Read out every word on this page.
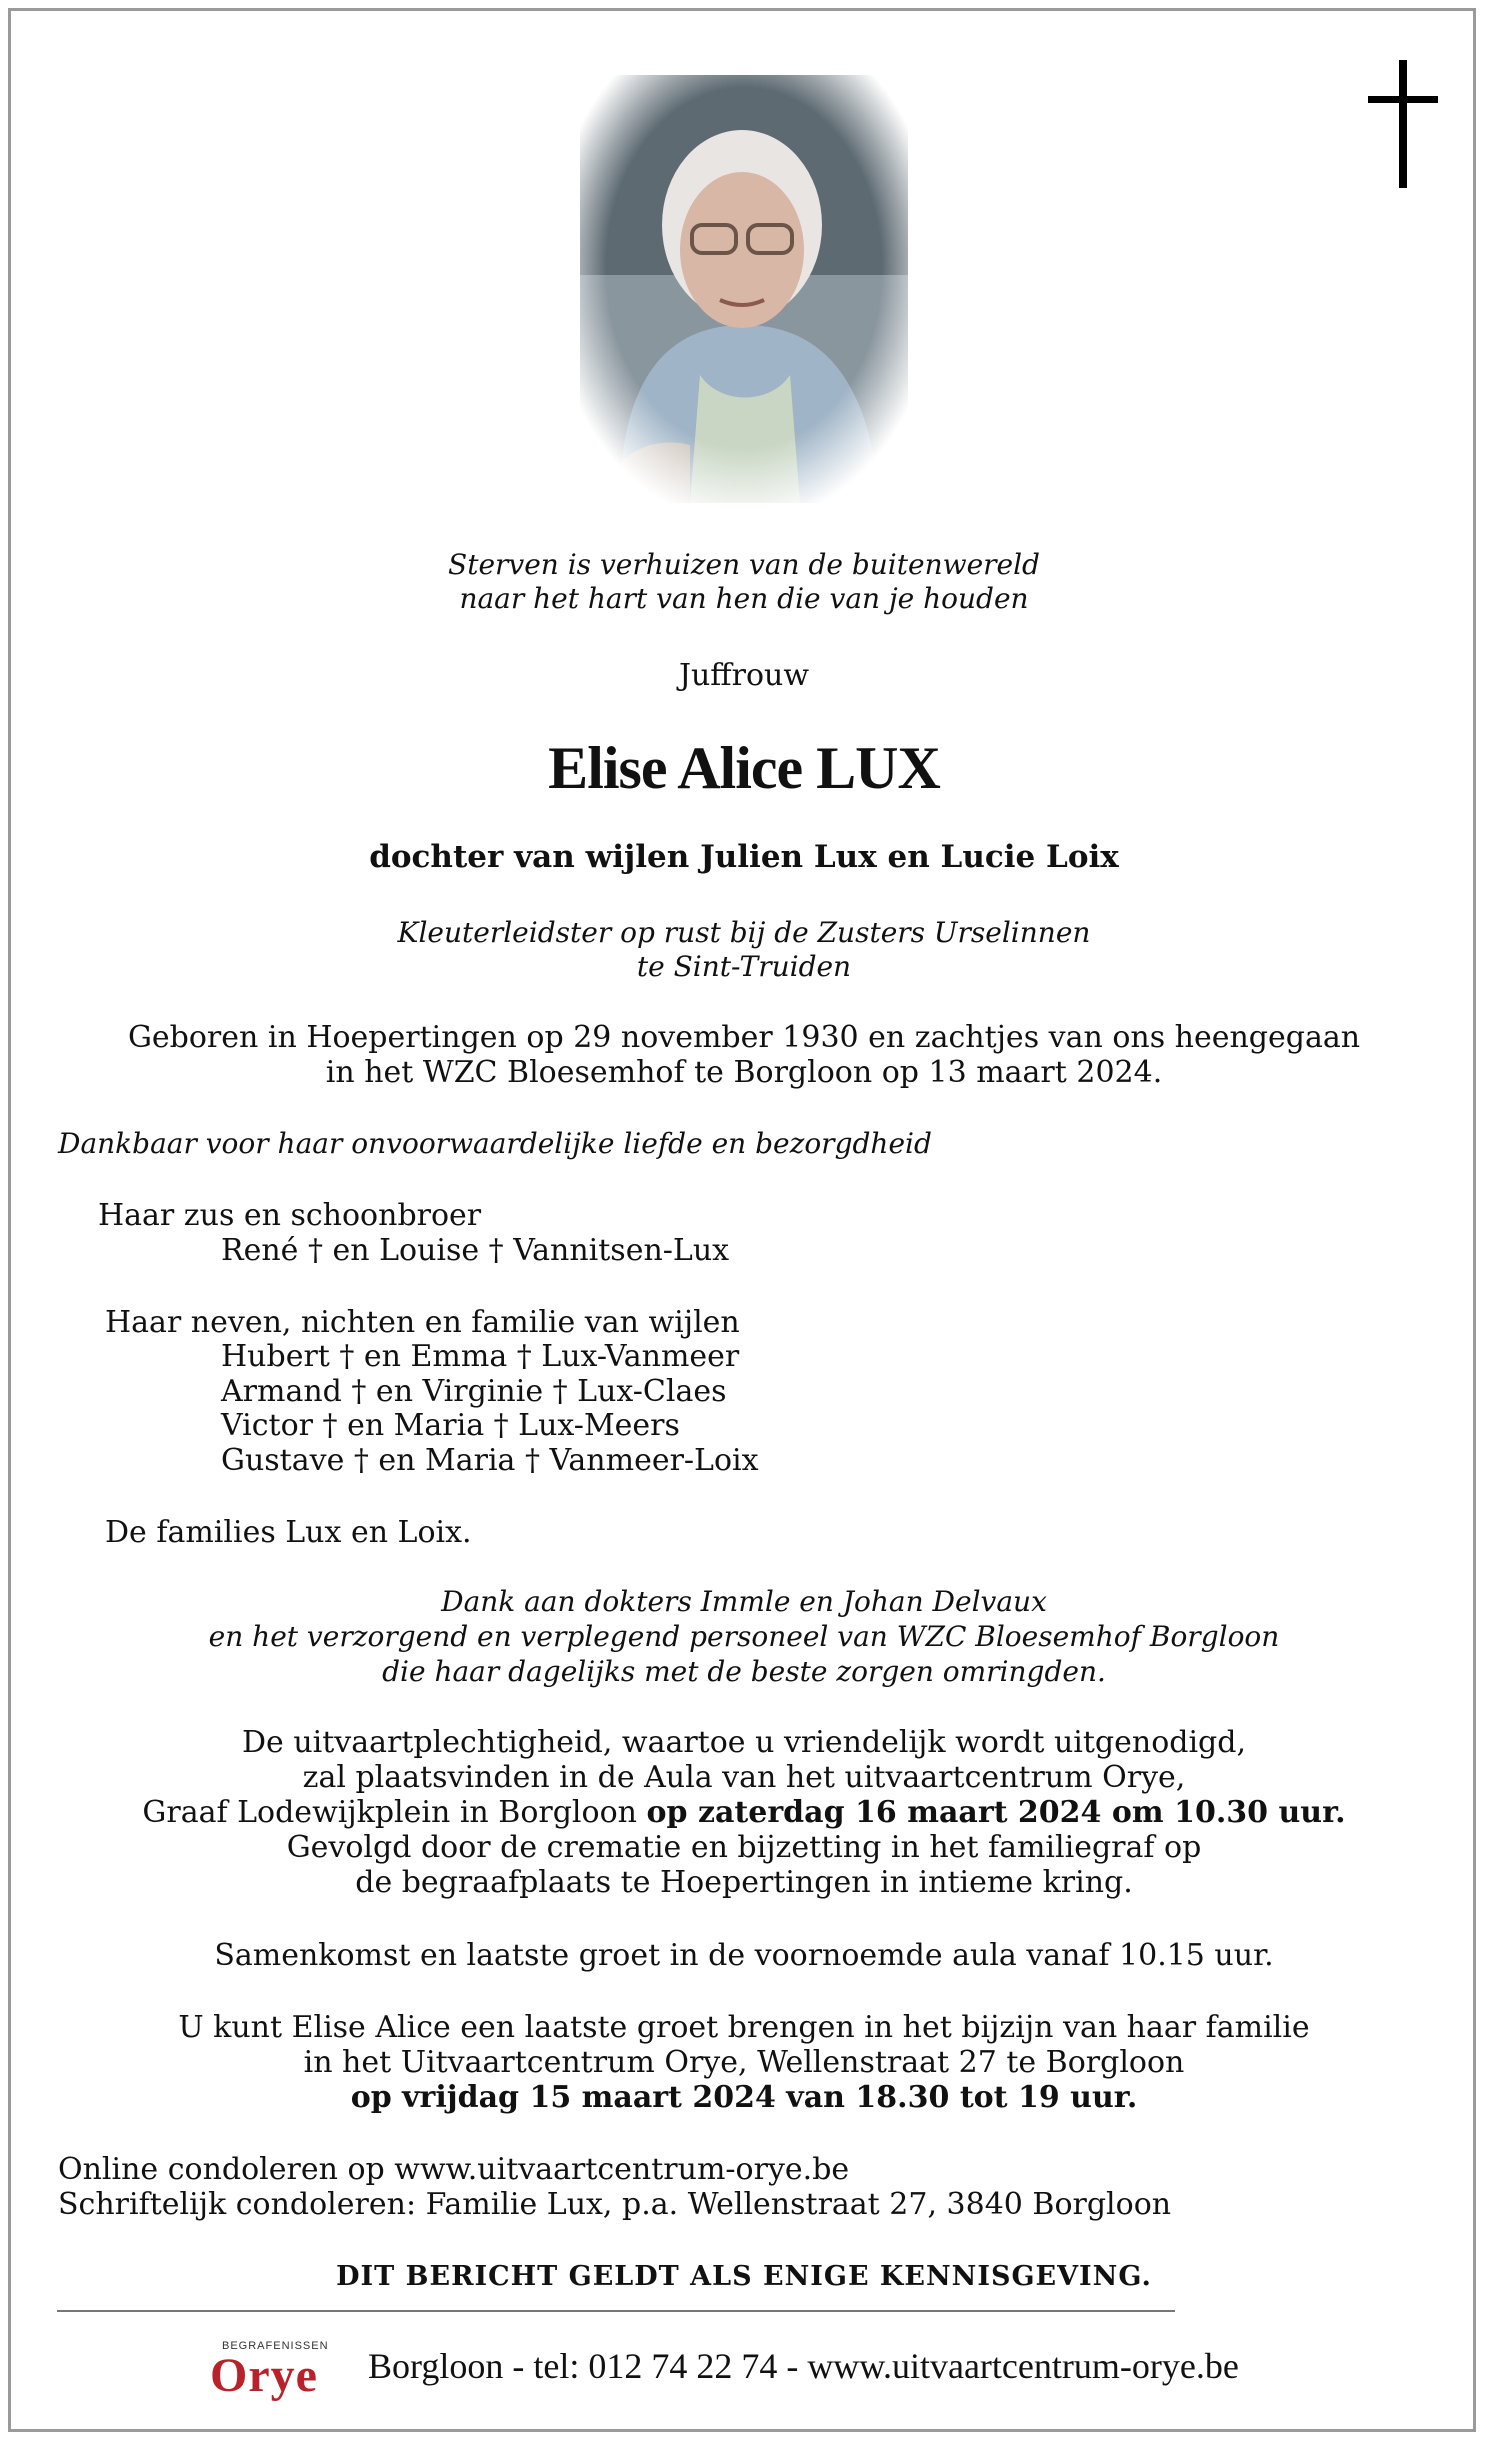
Sterven is verhuizen van de buitenwereld
naar het hart van hen die van je houden
Juffrouw
Elise Alice LUX
dochter van wijlen Julien Lux en Lucie Loix
Kleuterleidster op rust bij de Zusters Urselinnen
te Sint-Truiden
Geboren in Hoepertingen op 29 november 1930 en zachtjes van ons heengegaan
in het WZC Bloesemhof te Borgloon op 13 maart 2024.
Dankbaar voor haar onvoorwaardelijke liefde en bezorgdheid
Haar zus en schoonbroer
René † en Louise † Vannitsen-Lux
Haar neven, nichten en familie van wijlen
Hubert † en Emma † Lux-Vanmeer
Armand † en Virginie † Lux-Claes
Victor † en Maria † Lux-Meers
Gustave † en Maria † Vanmeer-Loix
De families Lux en Loix.
Dank aan dokters Immle en Johan Delvaux
en het verzorgend en verplegend personeel van WZC Bloesemhof Borgloon
die haar dagelijks met de beste zorgen omringden.
De uitvaartplechtigheid, waartoe u vriendelijk wordt uitgenodigd,
zal plaatsvinden in de Aula van het uitvaartcentrum Orye,
Graaf Lodewijkplein in Borgloon op zaterdag 16 maart 2024 om 10.30 uur.
Gevolgd door de crematie en bijzetting in het familiegraf op
de begraafplaats te Hoepertingen in intieme kring.
Samenkomst en laatste groet in de voornoemde aula vanaf 10.15 uur.
U kunt Elise Alice een laatste groet brengen in het bijzijn van haar familie
in het Uitvaartcentrum Orye, Wellenstraat 27 te Borgloon
op vrijdag 15 maart 2024 van 18.30 tot 19 uur.
Online condoleren op www.uitvaartcentrum-orye.be
Schriftelijk condoleren: Familie Lux, p.a. Wellenstraat 27, 3840 Borgloon
DIT BERICHT GELDT ALS ENIGE KENNISGEVING.
BEGRAFENISSEN
Orye Borgloon - tel: 012 74 22 74 - www.uitvaartcentrum-orye.be
